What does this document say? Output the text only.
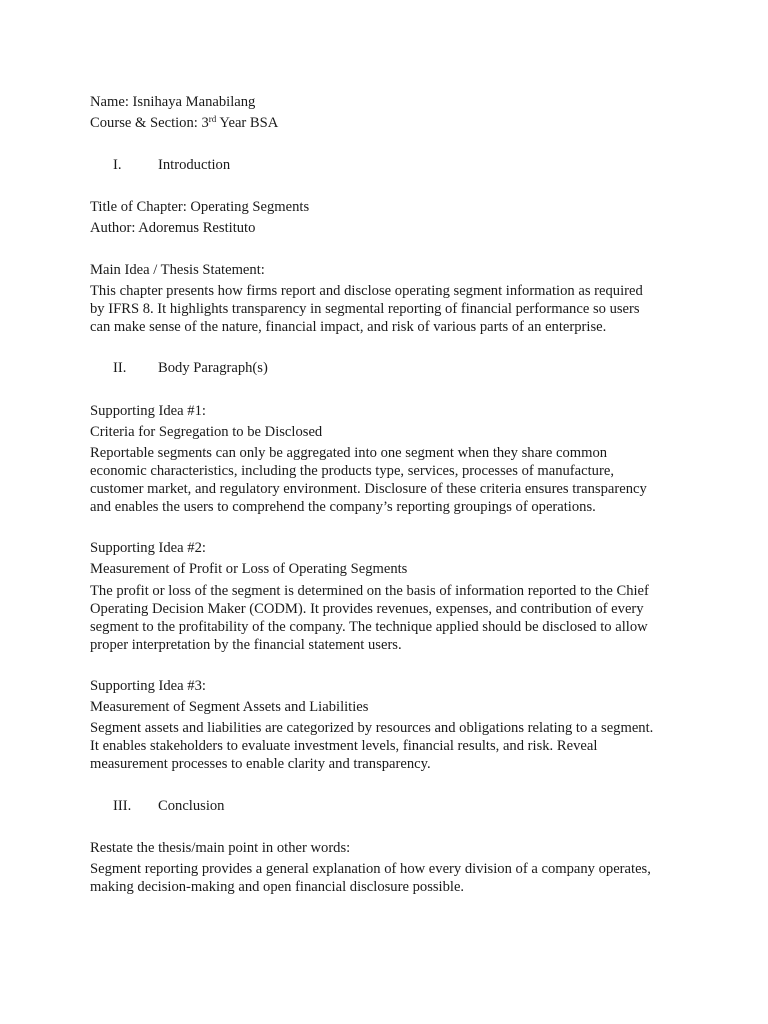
Name: Isnihaya Manabilang
Course & Section: 3rd Year BSA
I. Introduction
Title of Chapter: Operating Segments
Author: Adoremus Restituto
Main Idea / Thesis Statement:
This chapter presents how firms report and disclose operating segment information as required
by IFRS 8. It highlights transparency in segmental reporting of financial performance so users
can make sense of the nature, financial impact, and risk of various parts of an enterprise.
II. Body Paragraph(s)
Supporting Idea #1:
Criteria for Segregation to be Disclosed
Reportable segments can only be aggregated into one segment when they share common
economic characteristics, including the products type, services, processes of manufacture,
customer market, and regulatory environment. Disclosure of these criteria ensures transparency
and enables the users to comprehend the company’s reporting groupings of operations.
Supporting Idea #2:
Measurement of Profit or Loss of Operating Segments
The profit or loss of the segment is determined on the basis of information reported to the Chief
Operating Decision Maker (CODM). It provides revenues, expenses, and contribution of every
segment to the profitability of the company. The technique applied should be disclosed to allow
proper interpretation by the financial statement users.
Supporting Idea #3:
Measurement of Segment Assets and Liabilities
Segment assets and liabilities are categorized by resources and obligations relating to a segment.
It enables stakeholders to evaluate investment levels, financial results, and risk. Reveal
measurement processes to enable clarity and transparency.
III. Conclusion
Restate the thesis/main point in other words:
Segment reporting provides a general explanation of how every division of a company operates,
making decision-making and open financial disclosure possible.
